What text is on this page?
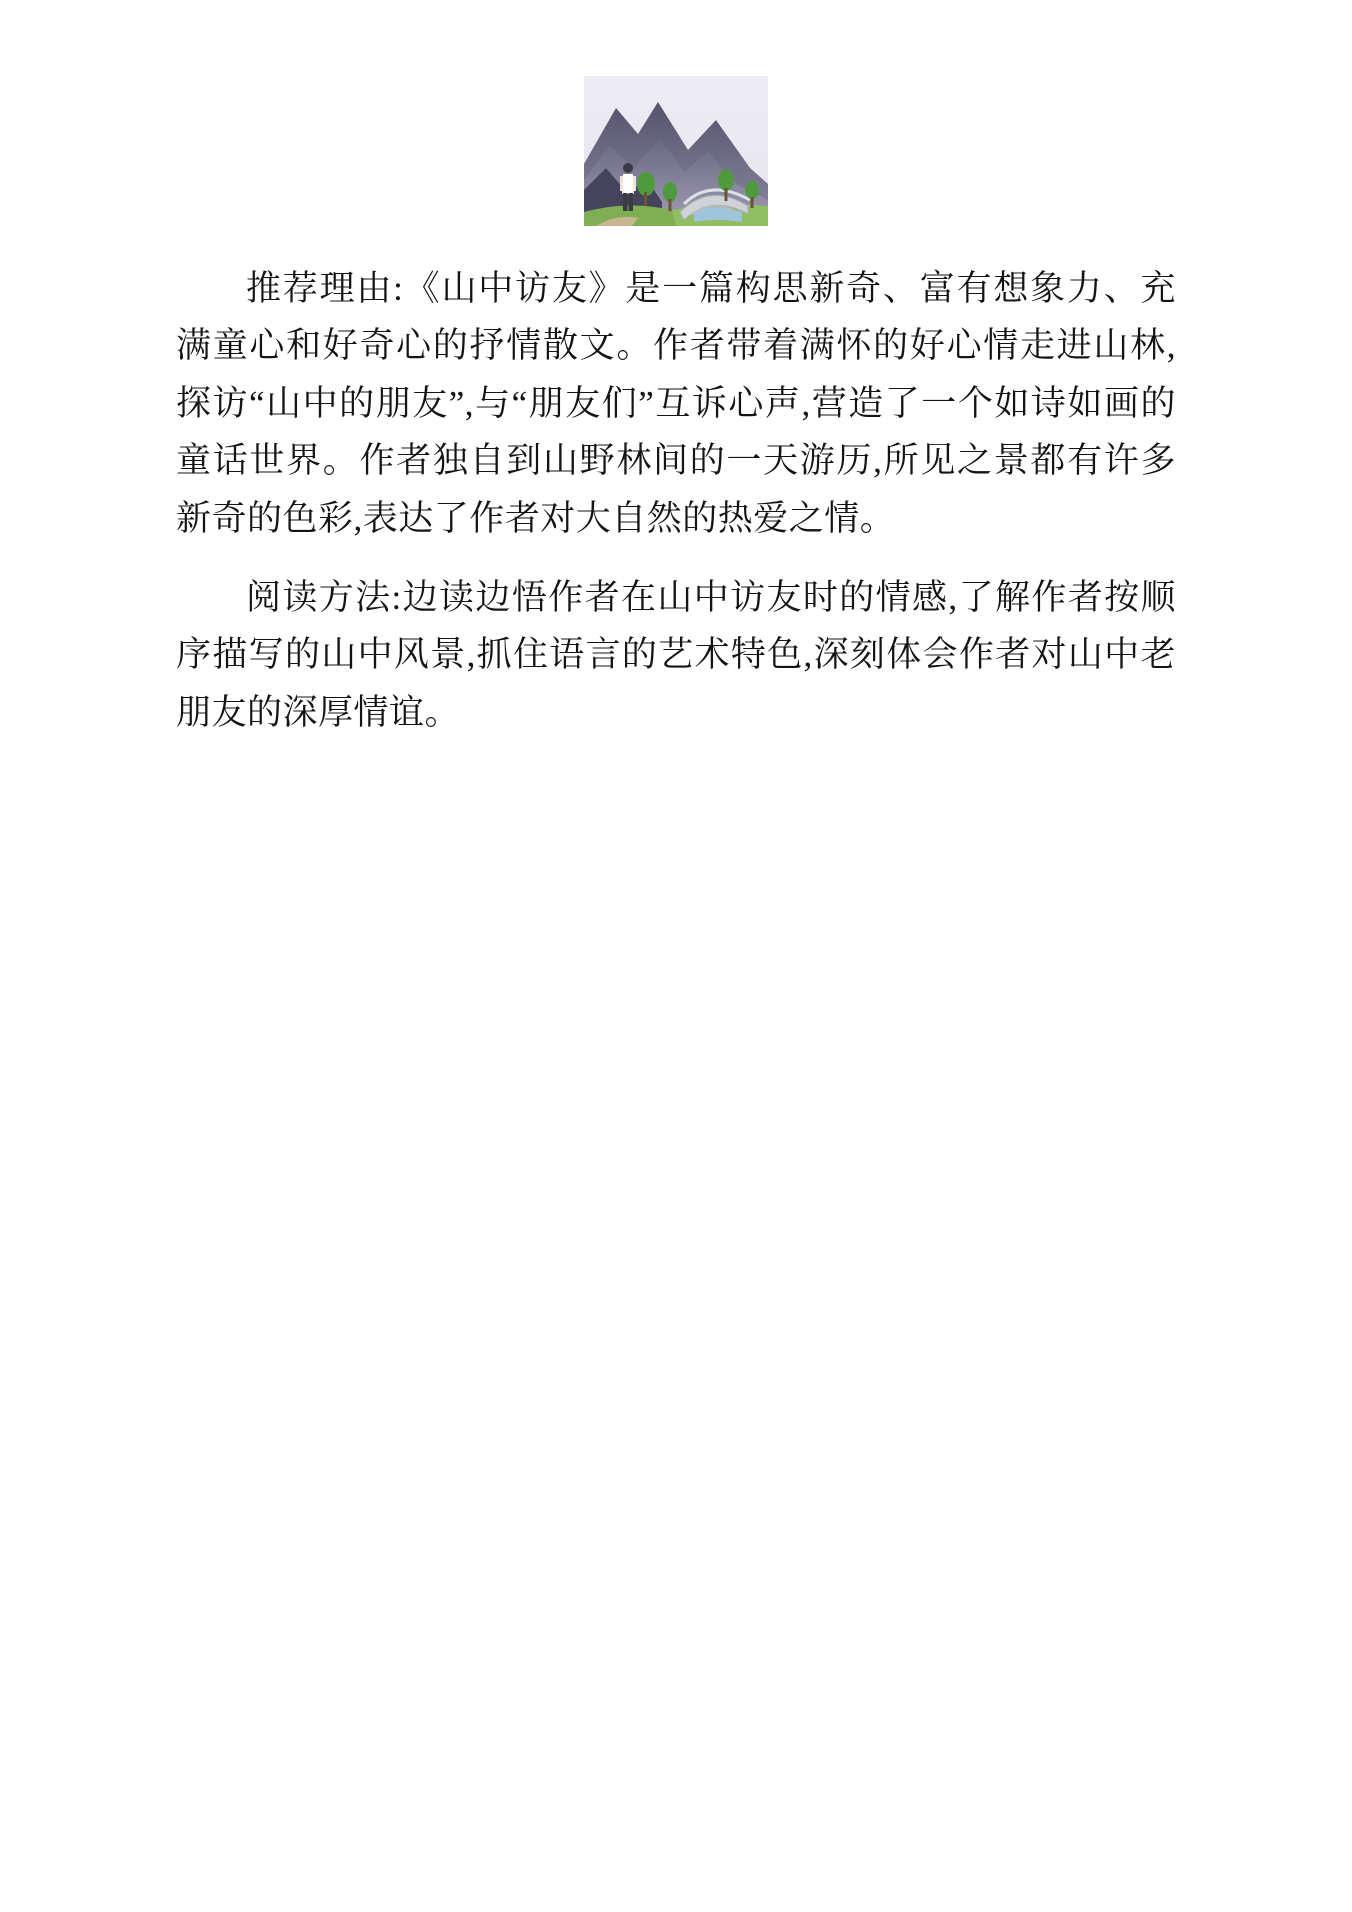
推荐理由:《山中访友》是一篇构思新奇、富有想象力、充满童心和好奇心的抒情散文。作者带着满怀的好心情走进山林,探访“山中的朋友”,与“朋友们”互诉心声,营造了一个如诗如画的童话世界。作者独自到山野林间的一天游历,所见之景都有许多新奇的色彩,表达了作者对大自然的热爱之情。

阅读方法:边读边悟作者在山中访友时的情感,了解作者按顺序描写的山中风景,抓住语言的艺术特色,深刻体会作者对山中老朋友的深厚情谊。
